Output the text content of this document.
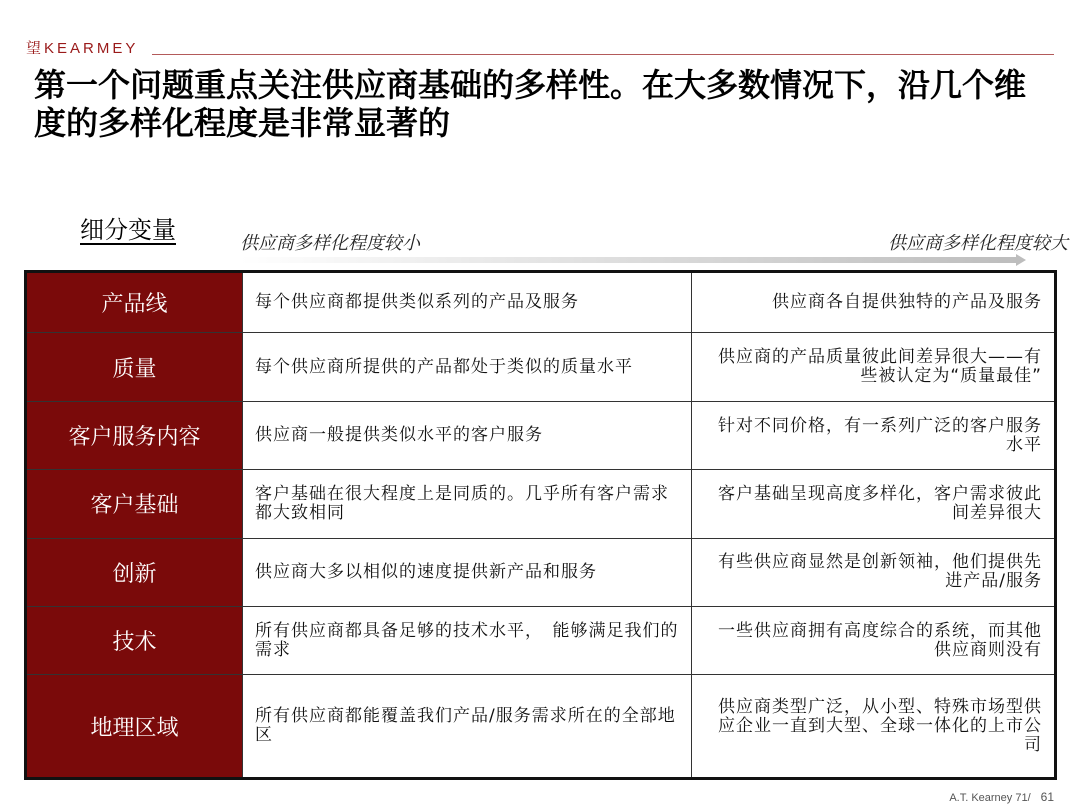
望KEARMEY
第一个问题重点关注供应商基础的多样性。在大多数情况下，沿几个维度的多样化程度是非常显著的
细分变量	供应商多样化程度较小	供应商多样化程度较大
产品线	每个供应商都提供类似系列的产品及服务	供应商各自提供独特的产品及服务
质量	每个供应商所提供的产品都处于类似的质量水平	供应商的产品质量彼此间差异很大——有些被认定为“质量最佳”
客户服务内容	供应商一般提供类似水平的客户服务	针对不同价格，有一系列广泛的客户服务水平
客户基础	客户基础在很大程度上是同质的。几乎所有客户需求都大致相同	客户基础呈现高度多样化，客户需求彼此间差异很大
创新	供应商大多以相似的速度提供新产品和服务	有些供应商显然是创新领袖，他们提供先进产品/服务
技术	所有供应商都具备足够的技术水平，　能够满足我们的需求	一些供应商拥有高度综合的系统，而其他供应商则没有
地理区域	所有供应商都能覆盖我们产品/服务需求所在的全部地区	供应商类型广泛，从小型、特殊市场型供应企业一直到大型、全球一体化的上市公司
A.T. Kearney 71/ 61
